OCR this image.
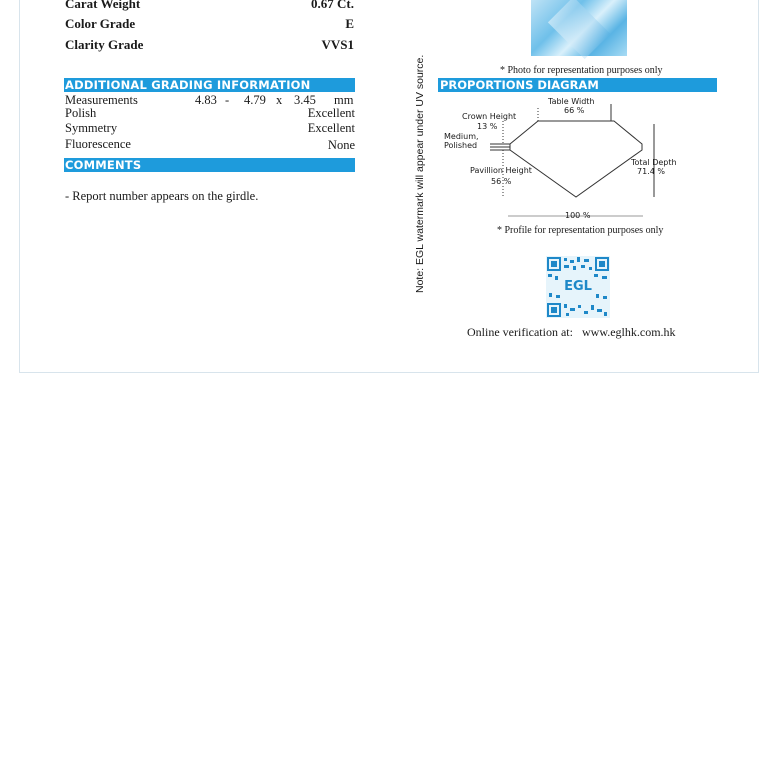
Carat Weight	0.67 Ct.
Color Grade	E
Clarity Grade	VVS1
ADDITIONAL GRADING INFORMATION
Measurements	4.83 - 4.79 x 3.45 mm
Polish	Excellent
Symmetry	Excellent
Fluorescence	None
COMMENTS
- Report number appears on the girdle.	Note: EGL watermark will appear under UV source.	* Photo for representation purposes only
PROPORTIONS DIAGRAM
Table Width
66 %
Crown Height
13 %
Medium,
Polished
Total Depth
71.4 %
Pavillion Height
56 %
100 %
* Profile for representation purposes only
EGL
Online verification at: www.eglhk.com.hk
